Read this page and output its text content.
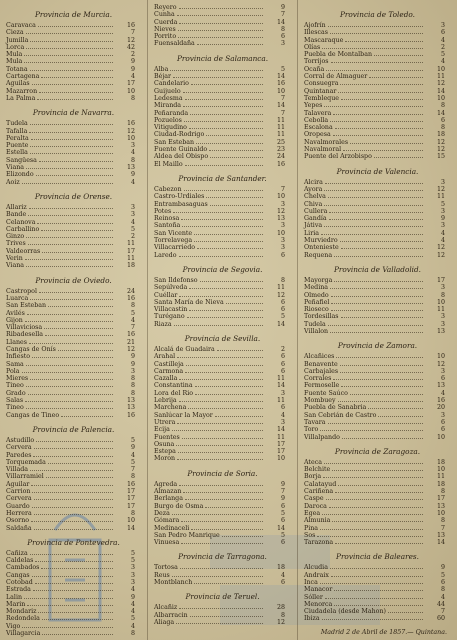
Provincia de Murcia.
Caravaca	16
Cieza	7
Jumilla	12
Lorca	42
Mula	2
Mula	9
Totana	9
Cartagena	4
Aguilas	17
Mazarron	10
La Palma	8
Provincia de Navarra.
Tudela	16
Tafalla	12
Peralta	10
Puente	3
Estella	4
Sangüesa	8
Viana	13
Elizondo	9
Aoiz	4
Provincia de Orense.
Allariz	3
Bande	3
Celanova	4
Carballino	5
Ginzo	2
Trives	11
Valdeorras	17
Verin	11
Viana	18
Provincia de Oviedo.
Castropol	24
Luarca	16
San Esteban	8
Avilés	5
Gijon	4
Villaviciosa	7
Ribadesella	16
Llanes	21
Cangas de Onís	12
Infiesto	9
Sama	9
Pola	3
Mieres	8
Tineo	8
Grado	8
Salas	13
Tineo	13
Cangas de Tineo	16
Provincia de Palencia.
Astudillo	5
Cervera	9
Paredes	4
Torquemada	5
Villada	7
Villarramiel	8
Aguilar	16
Carrion	17
Cervera	17
Guardo	17
Herrera	8
Osorno	10
Saldaña	14
Provincia de Pontevedra.
Cañiza	5
Caldelas	5
Cambados	3
Cangas	3
Cotobad	3
Estrada	4
Lalin	9
Marin	4
Mondariz	4
Redondela	5
Vigo	4
Villagarcia	8
Reyero	9
Cunha	7
Cuerda	14
Nieves	8
Porrito	6
Fuensaldaña	3
Provincia de Salamanca.
Alba	5
Béjar	14
Candelario	16
Guijuelo	10
Ledesma	7
Miranda	14
Peñaranda	7
Pozuelos	11
Vitigudino	11
Ciudad-Rodrigo	11
San Esteban	25
Fuente Guinaldo	23
Aldea del Obispo	24
El Maillo	16
Provincia de Santander.
Cabezon	7
Castro-Urdiales	10
Entrambasaguas	3
Potes	12
Reinosa	13
Santoña	3
San Vicente	10
Torrelavega	3
Villacarriedo	3
Laredo	6
Provincia de Segovia.
San Ildefonso	8
Sepúlveda	11
Cuéllar	12
Santa María de Nieva	6
Villacastin	6
Turégano	5
Riaza	14
Provincia de Sevilla.
Alcalá de Guadaira	2
Arahal	6
Castilleja	6
Carmona	6
Cazalla	11
Constantina	14
Lora del Rio	3
Lebrija	11
Marchena	6
Sanlúcar la Mayor	4
Utrera	3
Ecija	14
Fuentes	11
Osuna	17
Estepa	17
Moron	10
Provincia de Soria.
Agreda	9
Almazan	7
Berlanga	9
Burgo de Osma	6
Deza	5
Gómara	6
Medinaceli	14
San Pedro Manrique	5
Vinuesa	6
Provincia de Tarragona.
Tortosa	18
Reus	4
Montblanch	6
Provincia de Teruel.
Alcañiz	28
Albarracin	8
Aliaga	12
Provincia de Toledo.
Ajofrín	3
Illescas	6
Mascaraque	4
Olías	2
Puebla de Montalban	5
Torrijos	4
Ocaña	10
Corral de Almaguer	11
Consuegra	12
Quintanar	14
Tembleque	10
Yepes	8
Talavera	14
Cebolla	6
Escalona	8
Oropesa	18
Navalmorales	12
Navalmoral	12
Puente del Arzobispo	15
Provincia de Valencia.
Alcira	3
Ayora	12
Chelva	11
Chiva	5
Cullera	3
Gandía	9
Játiva	3
Liria	4
Murviedro	4
Ontenieste	12
Requena	12
Provincia de Valladolid.
Mayorga	17
Medina	3
Olmedo	8
Peñafiel	10
Rioseco	11
Tordesillas	3
Tudela	3
Villalon	13
Provincia de Zamora.
Alcañices	10
Benavente	12
Carbajales	3
Corrales	6
Fermoselle	13
Fuente Saúco	4
Mombuey	16
Puebla de Sanabria	20
San Cebrián de Castro	3
Tavara	6
Toro	6
Villalpando	10
Provincia de Zaragoza.
Ateca	18
Belchite	10
Borja	11
Calatayud	18
Cariñena	8
Caspe	17
Daroca	13
Egea	10
Almunia	8
Pina	7
Sos	13
Tarazona	14
Provincia de Baleares.
Alcudia	9
Andraix	5
Inca	6
Manacor	8
Sóller	4
Menorca	44
Ciudadela (desde Mahon)	7
Ibiza	60
Madrid 2 de Abril de 1857.— Quintana.
